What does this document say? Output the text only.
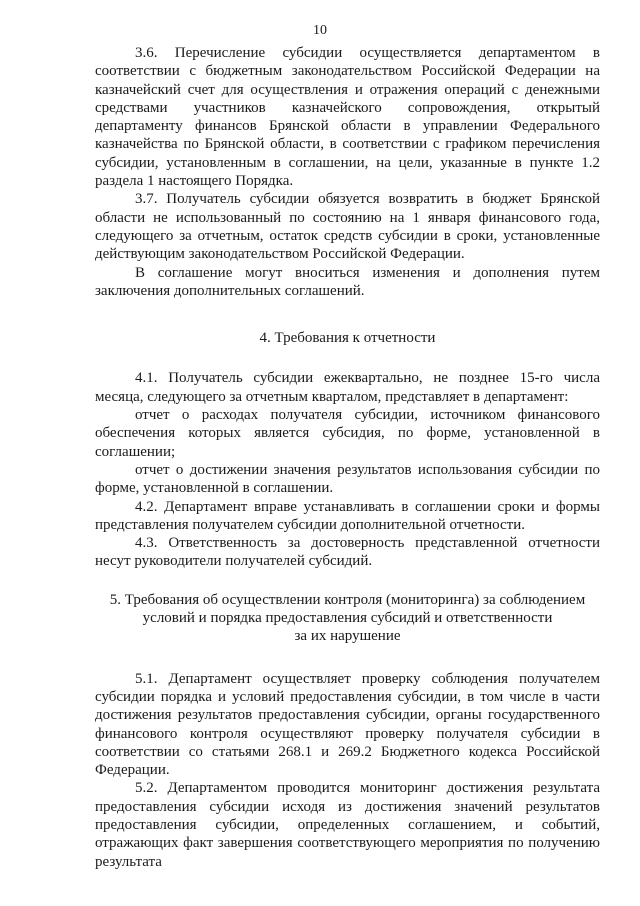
10

3.6. Перечисление субсидии осуществляется департаментом в соответствии с бюджетным законодательством Российской Федерации на казначейский счет для осуществления и отражения операций с денежными средствами участников казначейского сопровождения, открытый департаменту финансов Брянской области в управлении Федерального казначейства по Брянской области, в соответствии с графиком перечисления субсидии, установленным в соглашении, на цели, указанные в пункте 1.2 раздела 1 настоящего Порядка.

3.7. Получатель субсидии обязуется возвратить в бюджет Брянской области не использованный по состоянию на 1 января финансового года, следующего за отчетным, остаток средств субсидии в сроки, установленные действующим законодательством Российской Федерации.

В соглашение могут вноситься изменения и дополнения путем заключения дополнительных соглашений.

4. Требования к отчетности

4.1. Получатель субсидии ежеквартально, не позднее 15-го числа месяца, следующего за отчетным кварталом, представляет в департамент:

отчет о расходах получателя субсидии, источником финансового обеспечения которых является субсидия, по форме, установленной в соглашении;

отчет о достижении значения результатов использования субсидии по форме, установленной в соглашении.

4.2. Департамент вправе устанавливать в соглашении сроки и формы представления получателем субсидии дополнительной отчетности.

4.3. Ответственность за достоверность представленной отчетности несут руководители получателей субсидий.

5. Требования об осуществлении контроля (мониторинга) за соблюдением
условий и порядка предоставления субсидий и ответственности
за их нарушение

5.1. Департамент осуществляет проверку соблюдения получателем субсидии порядка и условий предоставления субсидии, в том числе в части достижения результатов предоставления субсидии, органы государственного финансового контроля осуществляют проверку получателя субсидии в соответствии со статьями 268.1 и 269.2 Бюджетного кодекса Российской Федерации.

5.2. Департаментом проводится мониторинг достижения результата предоставления субсидии исходя из достижения значений результатов предоставления субсидии, определенных соглашением, и событий, отражающих факт завершения соответствующего мероприятия по получению результата
